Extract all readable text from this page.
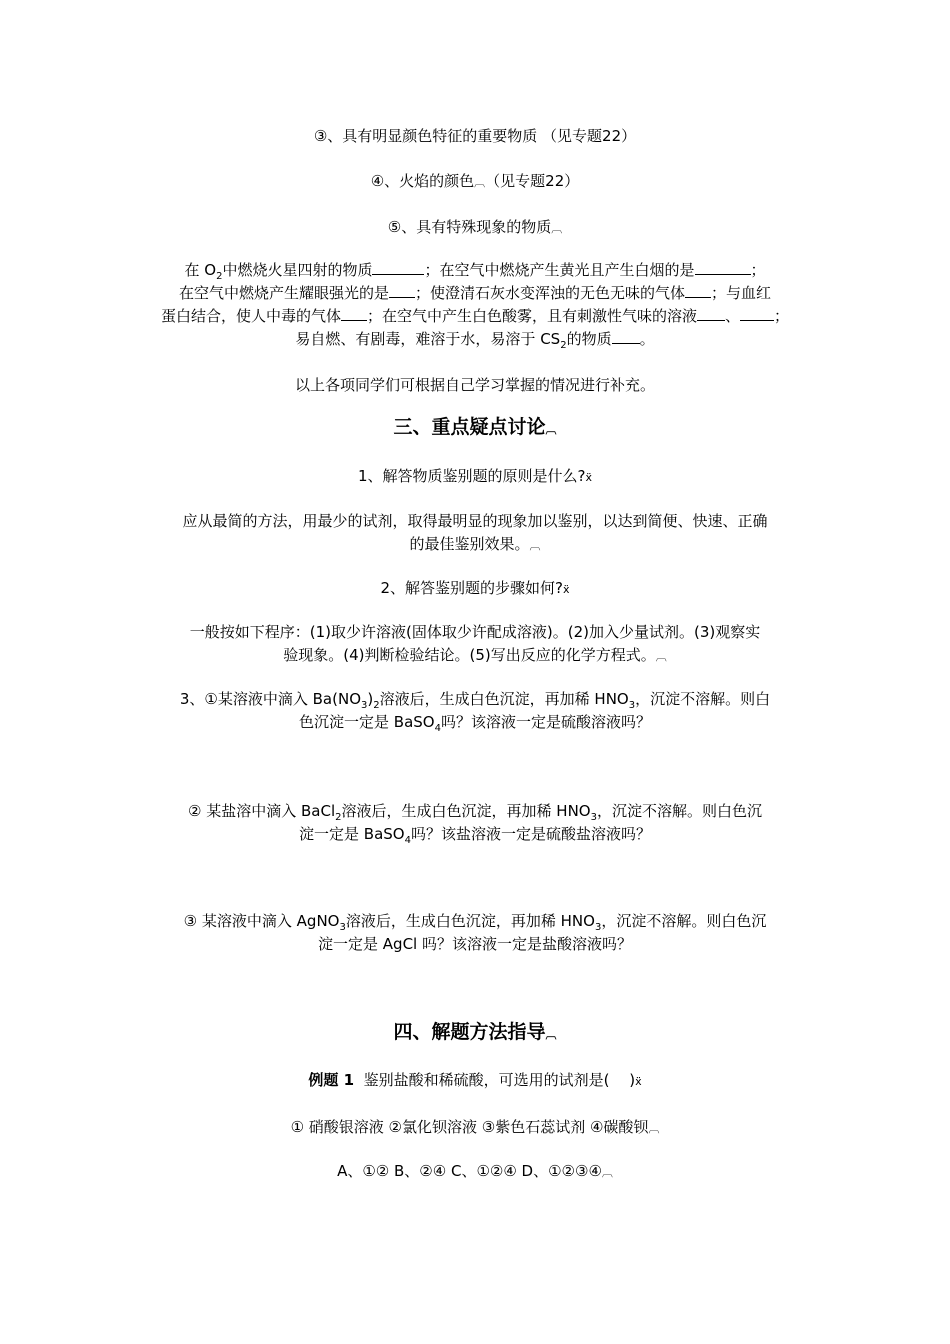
③、具有明显颜色特征的重要物质 （见专题22）
④、火焰的颜色︹（见专题22）
⑤、具有特殊现象的物质︹
在 $O_2$中燃烧火星四射的物质	；在空气中燃烧产生黄光且产生白烟的是	；
在空气中燃烧产生耀眼强光的是 ；使澄清石灰水变浑浊的无色无味的气体 ；与血红
蛋白结合，使人中毒的气体 ；在空气中产生白色酸雾，且有刺激性气味的溶液 、 ；
易自燃、有剧毒，难溶于水，易溶于 $CS_2$的物质 。
以上各项同学们可根据自己学习掌握的情况进行补充。
三、重点疑点讨论︹
1、解答物质鉴别题的原则是什么?ẍ
应从最简的方法，用最少的试剂，取得最明显的现象加以鉴别，以达到简便、快速、正确
的最佳鉴别效果。︹
2、解答鉴别题的步骤如何?ẍ
一般按如下程序：(1)取少许溶液(固体取少许配成溶液)。(2)加入少量试剂。(3)观察实
验现象。(4)判断检验结论。(5)写出反应的化学方程式。︹
3、①某溶液中滴入 $Ba(NO_3)_2$溶液后，生成白色沉淀，再加稀 $HNO_3$，沉淀不溶解。则白
色沉淀一定是 BaSO$_4$吗？该溶液一定是硫酸溶液吗？
② 某盐溶中滴入 BaCl$_2$溶液后，生成白色沉淀，再加稀 $HNO_3$，沉淀不溶解。则白色沉
淀一定是 BaSO$_4$吗？该盐溶液一定是硫酸盐溶液吗？
③ 某溶液中滴入 AgNO$_3$溶液后，生成白色沉淀，再加稀 $HNO_3$，沉淀不溶解。则白色沉
淀一定是 AgCl 吗？该溶液一定是盐酸溶液吗？
四、解题方法指导︹
例题 1 鉴别盐酸和稀硫酸，可选用的试剂是(　 )ẍ
① 硝酸银溶液 ②氯化钡溶液 ③紫色石蕊试剂 ④碳酸钡︹
A、①② B、②④ C、①②④ D、①②③④︹
